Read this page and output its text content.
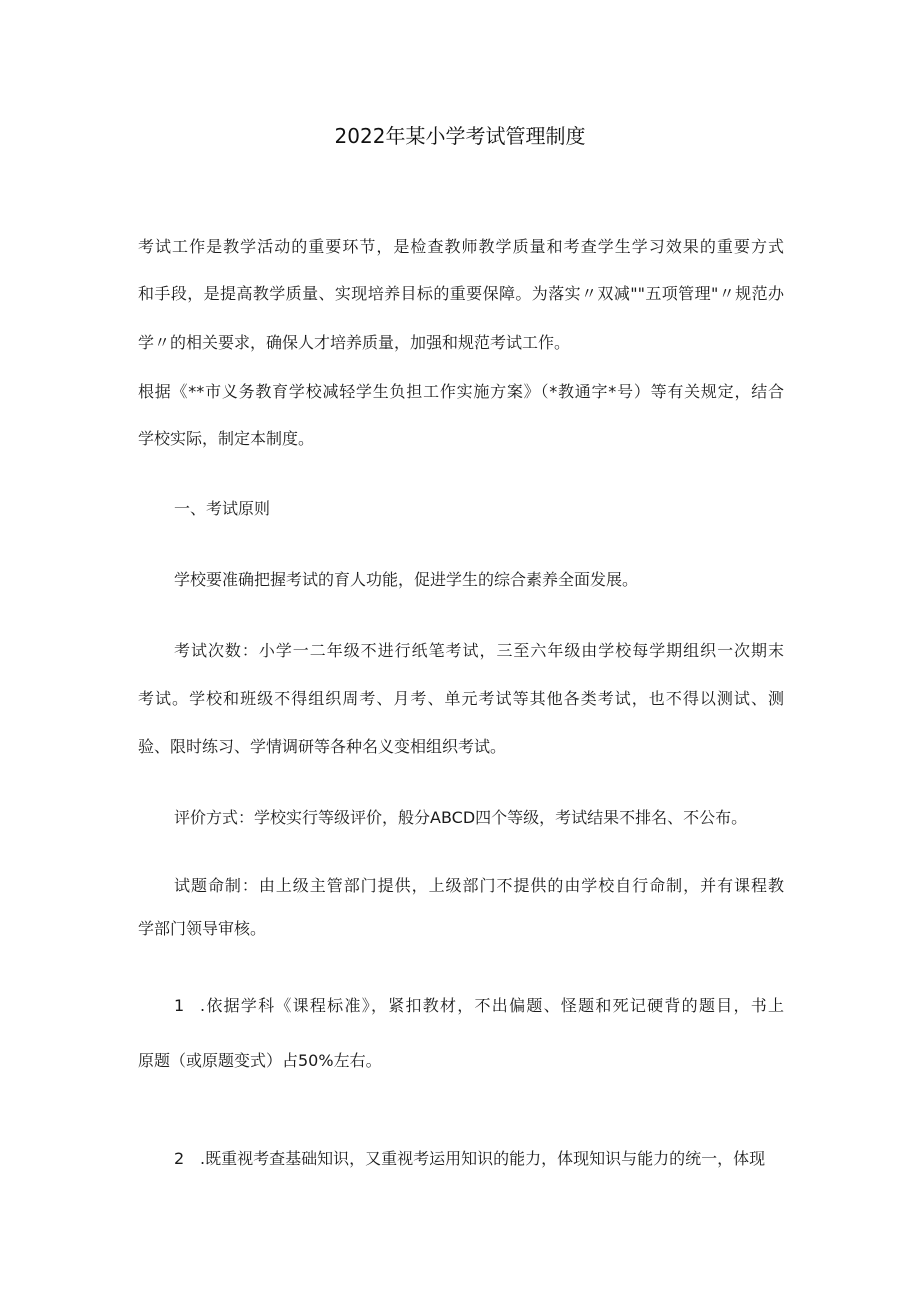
2022年某小学考试管理制度
考试工作是教学活动的重要环节，是检查教师教学质量和考查学生学习效果的重要方式
和手段，是提高教学质量、实现培养目标的重要保障。为落实〃双减""五项管理"〃规范办
学〃的相关要求，确保人才培养质量，加强和规范考试工作。
根据《**市义务教育学校减轻学生负担工作实施方案》（*教通字*号）等有关规定，结合
学校实际，制定本制度。
一、考试原则
学校要准确把握考试的育人功能，促进学生的综合素养全面发展。
考试次数：小学一二年级不进行纸笔考试，三至六年级由学校每学期组织一次期末
考试。学校和班级不得组织周考、月考、单元考试等其他各类考试，也不得以测试、测
验、限时练习、学情调研等各种名义变相组织考试。
评价方式：学校实行等级评价，般分ABCD四个等级，考试结果不排名、不公布。
试题命制：由上级主管部门提供，上级部门不提供的由学校自行命制，并有课程教
学部门领导审核。
1 .依据学科《课程标准》，紧扣教材，不出偏题、怪题和死记硬背的题目，书上
原题（或原题变式）占50%左右。
2 .既重视考查基础知识，又重视考运用知识的能力，体现知识与能力的统一，体现
